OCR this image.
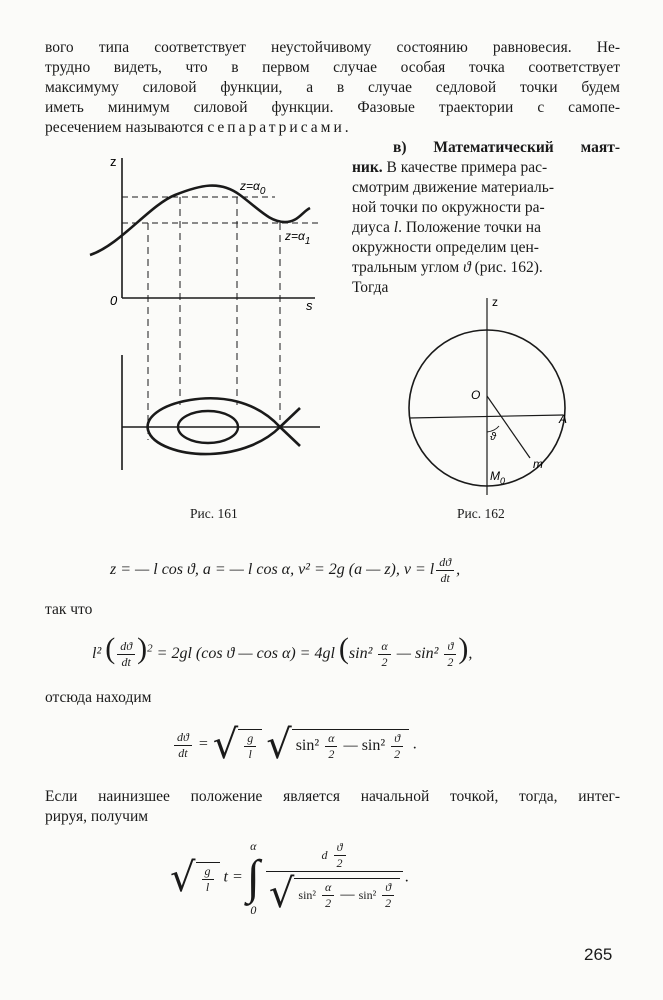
вого типа соответствует неустойчивому состоянию равновесия. Не-
трудно видеть, что в первом случае особая точка соответствует
максимуму силовой функции, а в случае седловой точки будем
иметь минимум силовой функции. Фазовые траектории с самопе-
ресечением называются сепаратрисами.
в) Математический маят-
ник. В качестве примера рас-
смотрим движение материаль-
ной точки по окружности ра-
диуса l. Положение точки на
окружности определим цен-
тральным углом ϑ (рис. 162).
Тогда
z
0	s
$z=\alpha_0$
$z=\alpha_1$
Рис. 161
z
O
A
m
ϑ
$M_0$
Рис. 162
z = — l cos ϑ, a = — l cos α, v² = 2g (a — z), v = l $\frac{dϑ}{dt}$ ,
так что
l² ( $\frac{dϑ}{dt} )^2 = 2gl$ (cos ϑ — cos α) = 4gl ($\sin^2 \frac{\alpha}{2}$ — $\sin^2 \frac{ϑ}{2}$ ),
отсюда находим
$\frac{dϑ}{dt}$ = √ $\frac{g}{l}$ √ $\sin^2 \frac{\alpha}{2}$ — $\sin^2 \frac{ϑ}{2}$ .
Если наинизшее положение является начальной точкой, тогда, интег-
рируя, получим
√ $\frac{g}{l}$ t =
α
∫
0
$\frac{d \frac{ϑ}{2}}{√ \sin^2 \frac{\alpha}{2} — \sin^2 \frac{ϑ}{2}}$ .
265
